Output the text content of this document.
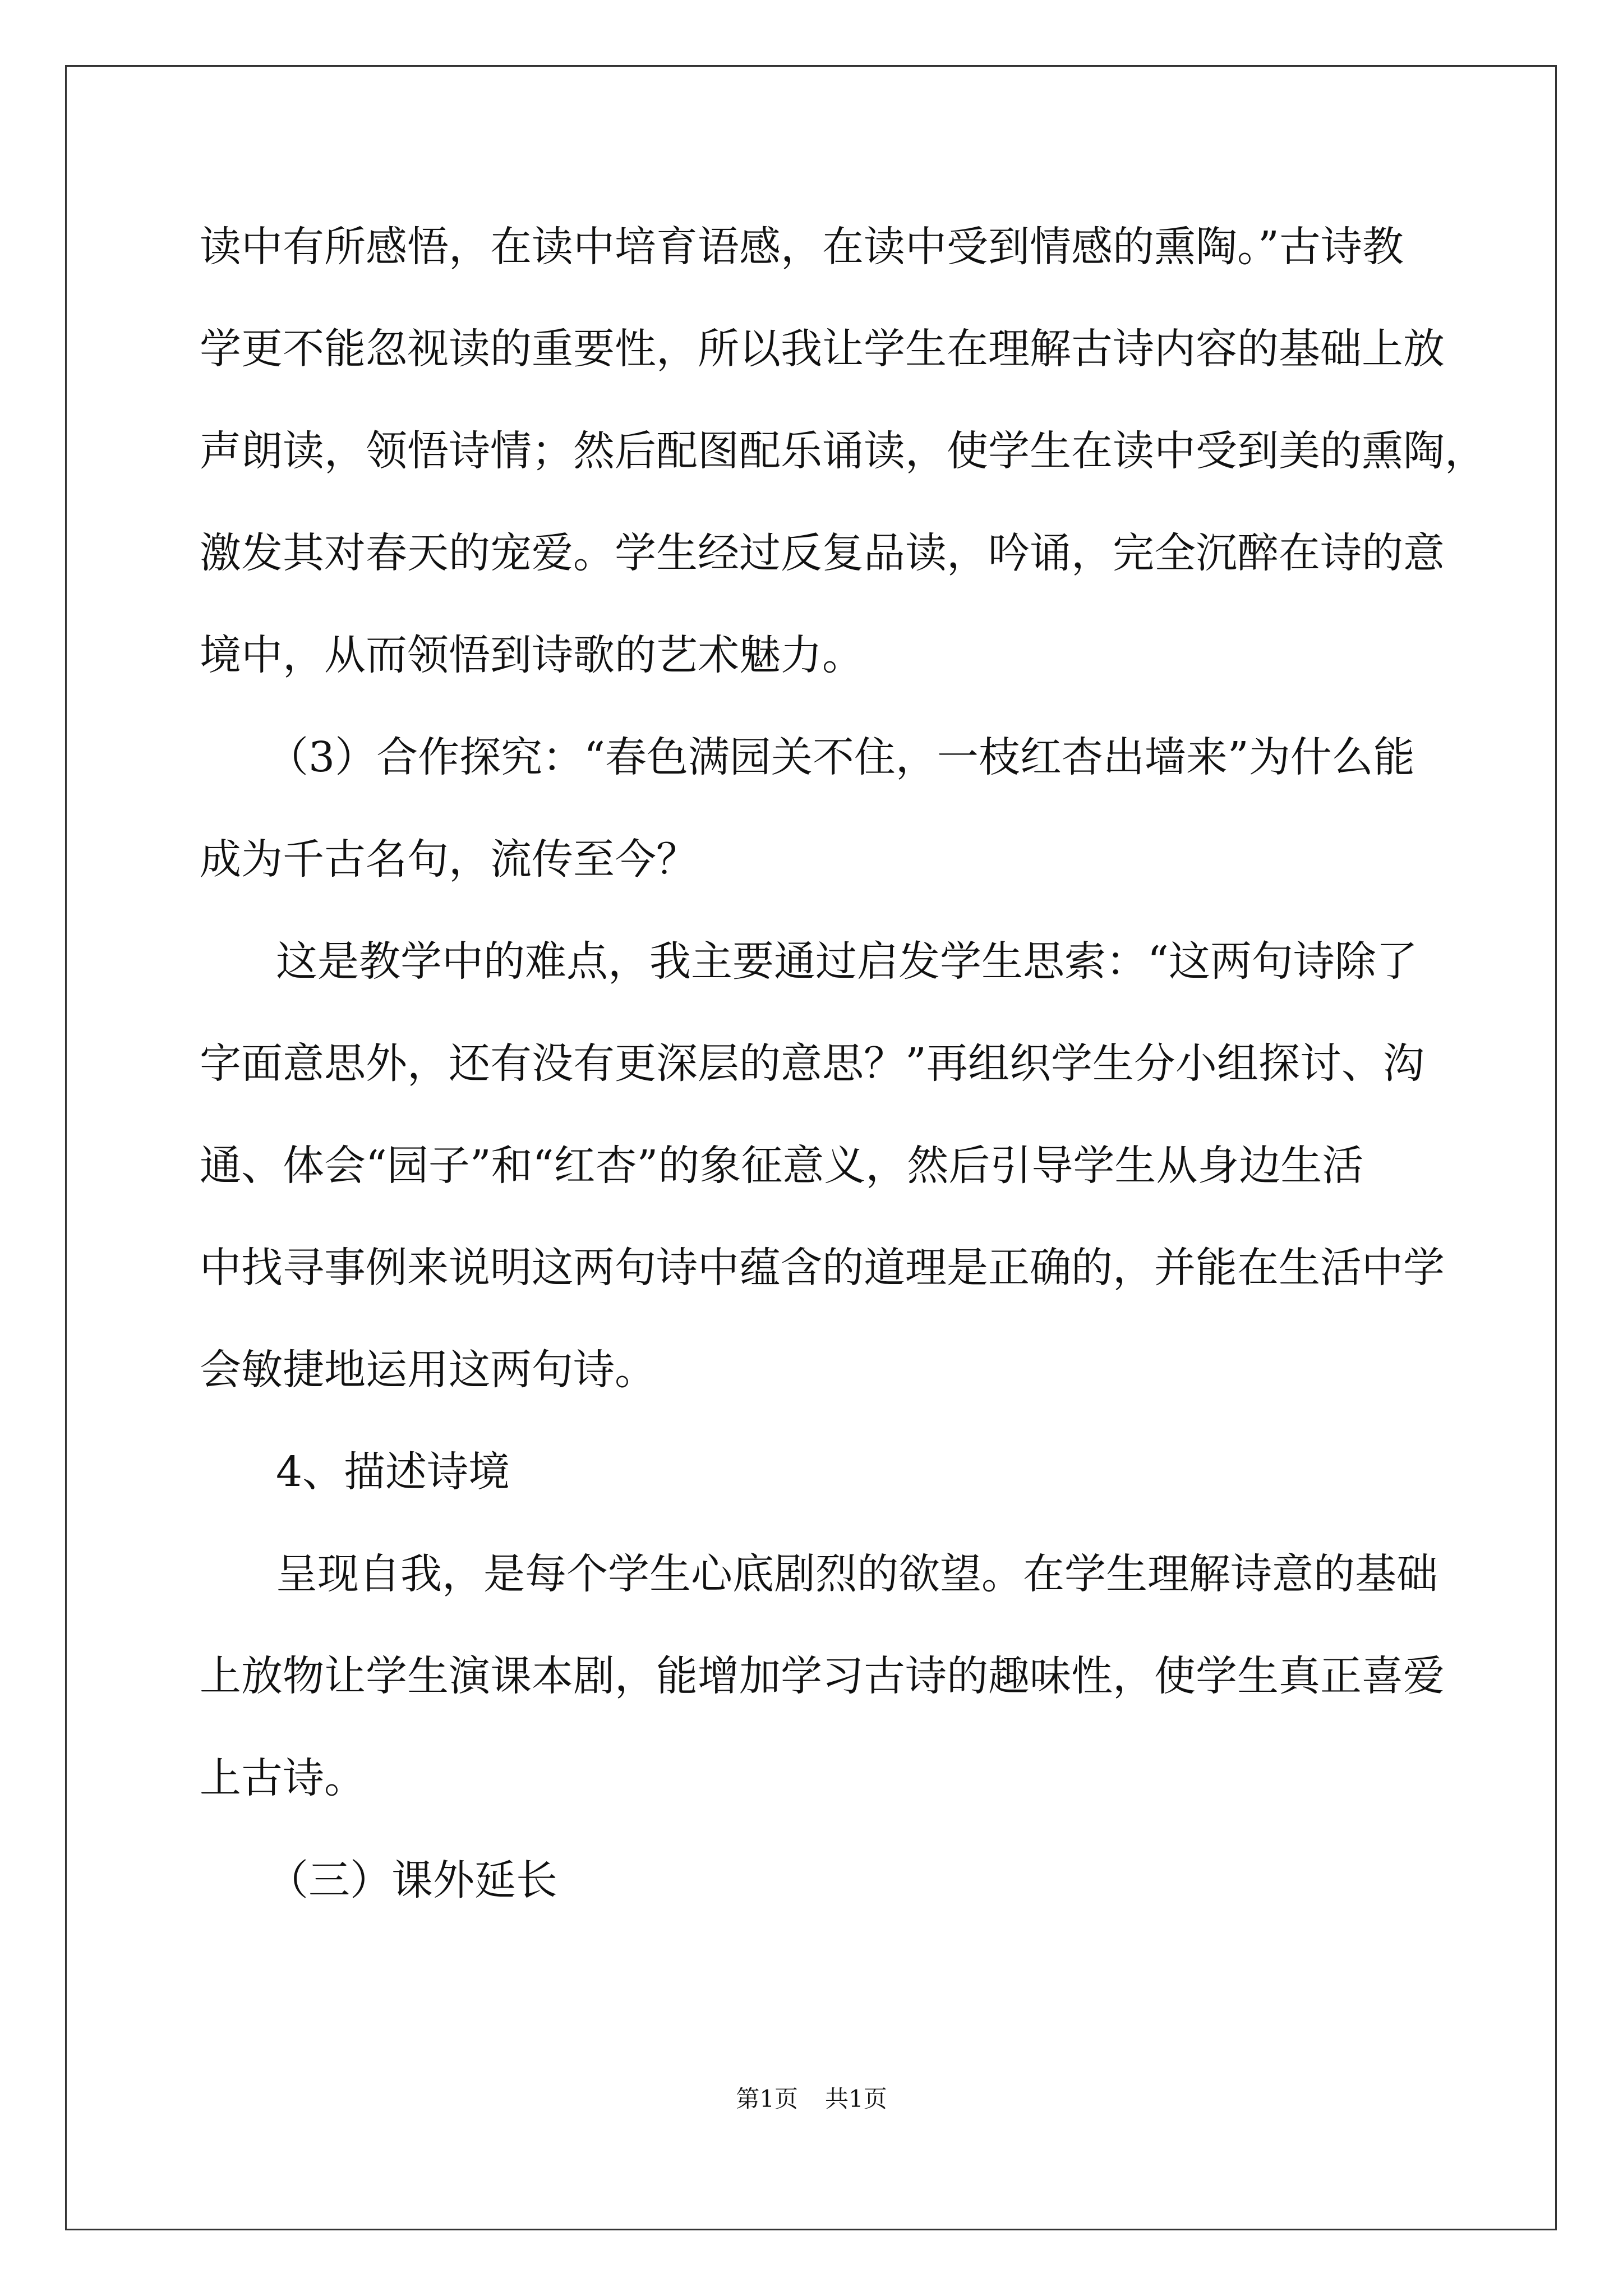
读中有所感悟，在读中培育语感，在读中受到情感的熏陶。”古诗教
学更不能忽视读的重要性，所以我让学生在理解古诗内容的基础上放
声朗读，领悟诗情；然后配图配乐诵读，使学生在读中受到美的熏陶，
激发其对春天的宠爱。学生经过反复品读，吟诵，完全沉醉在诗的意
境中，从而领悟到诗歌的艺术魅力。
（3）合作探究：“春色满园关不住，一枝红杏出墙来”为什么能
成为千古名句，流传至今？
这是教学中的难点，我主要通过启发学生思索：“这两句诗除了
字面意思外，还有没有更深层的意思？”再组织学生分小组探讨、沟
通、体会“园子”和“红杏”的象征意义，然后引导学生从身边生活
中找寻事例来说明这两句诗中蕴含的道理是正确的，并能在生活中学
会敏捷地运用这两句诗。
4、描述诗境
呈现自我，是每个学生心底剧烈的欲望。在学生理解诗意的基础
上放物让学生演课本剧，能增加学习古诗的趣味性，使学生真正喜爱
上古诗。
（三）课外延长
第1页 共1页
